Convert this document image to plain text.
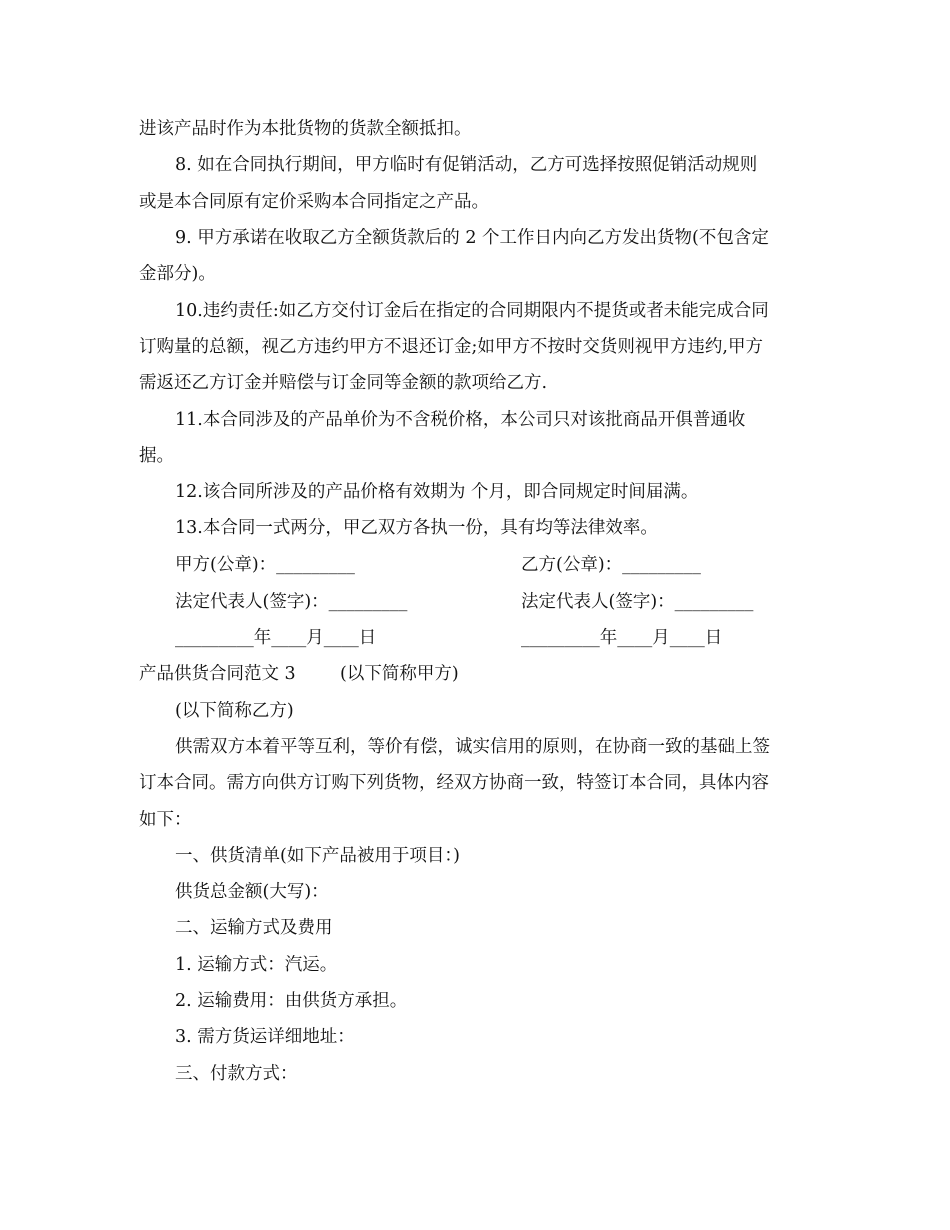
进该产品时作为本批货物的货款全额抵扣。
8. 如在合同执行期间，甲方临时有促销活动，乙方可选择按照促销活动规则
或是本合同原有定价采购本合同指定之产品。
9. 甲方承诺在收取乙方全额货款后的 2 个工作日内向乙方发出货物(不包含定
金部分)。
10.违约责任:如乙方交付订金后在指定的合同期限内不提货或者未能完成合同
订购量的总额，视乙方违约甲方不退还订金;如甲方不按时交货则视甲方违约,甲方
需返还乙方订金并赔偿与订金同等金额的款项给乙方.
11.本合同涉及的产品单价为不含税价格，本公司只对该批商品开俱普通收
据。
12.该合同所涉及的产品价格有效期为 个月，即合同规定时间届满。
13.本合同一式两分，甲乙双方各执一份，具有均等法律效率。
甲方(公章)：_________	乙方(公章)：_________
法定代表人(签字)：_________	法定代表人(签字)：_________
_________年____月____日	_________年____月____日
产品供货合同范文 3	(以下简称甲方)
(以下简称乙方)
供需双方本着平等互利，等价有偿，诚实信用的原则，在协商一致的基础上签
订本合同。需方向供方订购下列货物，经双方协商一致，特签订本合同，具体内容
如下：
一、供货清单(如下产品被用于项目：)
供货总金额(大写)：
二、运输方式及费用
1. 运输方式：汽运。
2. 运输费用：由供货方承担。
3. 需方货运详细地址：
三、付款方式：
